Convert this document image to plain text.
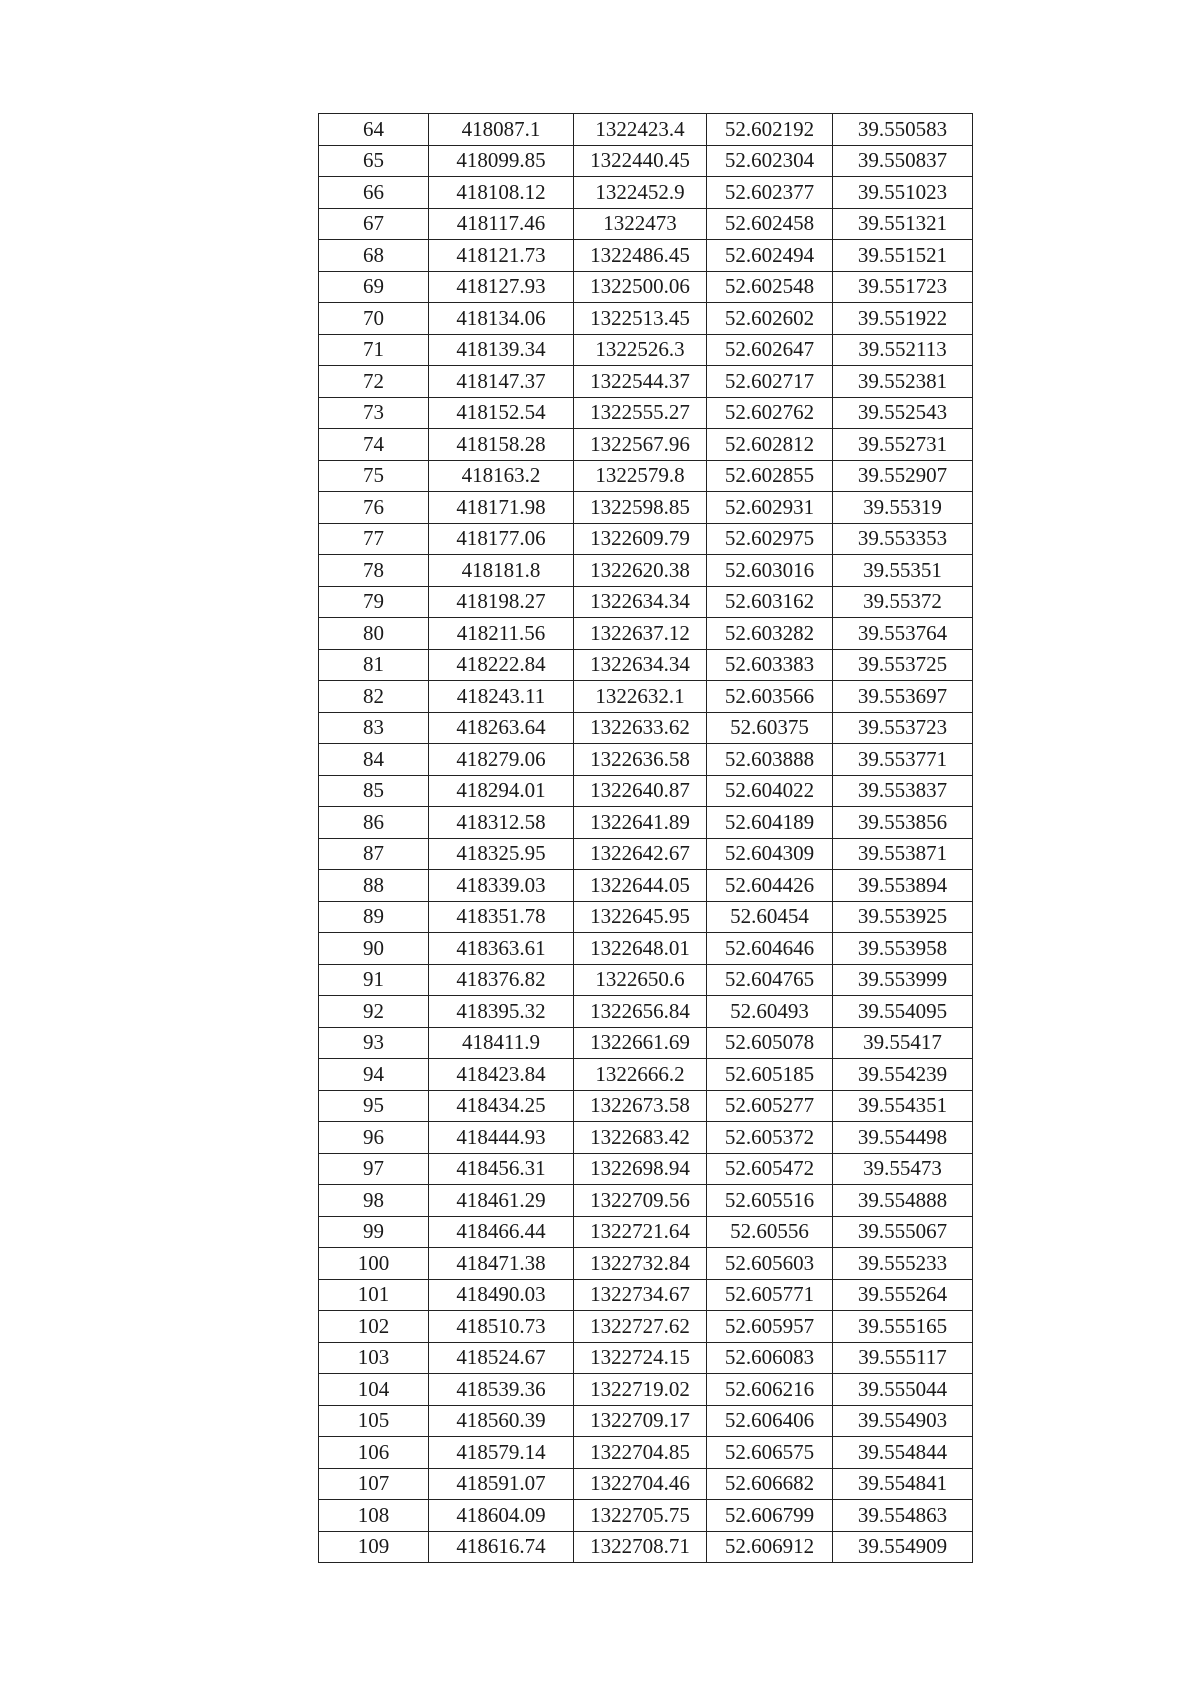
64	418087.1	1322423.4	52.602192	39.550583
65	418099.85	1322440.45	52.602304	39.550837
66	418108.12	1322452.9	52.602377	39.551023
67	418117.46	1322473	52.602458	39.551321
68	418121.73	1322486.45	52.602494	39.551521
69	418127.93	1322500.06	52.602548	39.551723
70	418134.06	1322513.45	52.602602	39.551922
71	418139.34	1322526.3	52.602647	39.552113
72	418147.37	1322544.37	52.602717	39.552381
73	418152.54	1322555.27	52.602762	39.552543
74	418158.28	1322567.96	52.602812	39.552731
75	418163.2	1322579.8	52.602855	39.552907
76	418171.98	1322598.85	52.602931	39.55319
77	418177.06	1322609.79	52.602975	39.553353
78	418181.8	1322620.38	52.603016	39.55351
79	418198.27	1322634.34	52.603162	39.55372
80	418211.56	1322637.12	52.603282	39.553764
81	418222.84	1322634.34	52.603383	39.553725
82	418243.11	1322632.1	52.603566	39.553697
83	418263.64	1322633.62	52.60375	39.553723
84	418279.06	1322636.58	52.603888	39.553771
85	418294.01	1322640.87	52.604022	39.553837
86	418312.58	1322641.89	52.604189	39.553856
87	418325.95	1322642.67	52.604309	39.553871
88	418339.03	1322644.05	52.604426	39.553894
89	418351.78	1322645.95	52.60454	39.553925
90	418363.61	1322648.01	52.604646	39.553958
91	418376.82	1322650.6	52.604765	39.553999
92	418395.32	1322656.84	52.60493	39.554095
93	418411.9	1322661.69	52.605078	39.55417
94	418423.84	1322666.2	52.605185	39.554239
95	418434.25	1322673.58	52.605277	39.554351
96	418444.93	1322683.42	52.605372	39.554498
97	418456.31	1322698.94	52.605472	39.55473
98	418461.29	1322709.56	52.605516	39.554888
99	418466.44	1322721.64	52.60556	39.555067
100	418471.38	1322732.84	52.605603	39.555233
101	418490.03	1322734.67	52.605771	39.555264
102	418510.73	1322727.62	52.605957	39.555165
103	418524.67	1322724.15	52.606083	39.555117
104	418539.36	1322719.02	52.606216	39.555044
105	418560.39	1322709.17	52.606406	39.554903
106	418579.14	1322704.85	52.606575	39.554844
107	418591.07	1322704.46	52.606682	39.554841
108	418604.09	1322705.75	52.606799	39.554863
109	418616.74	1322708.71	52.606912	39.554909
